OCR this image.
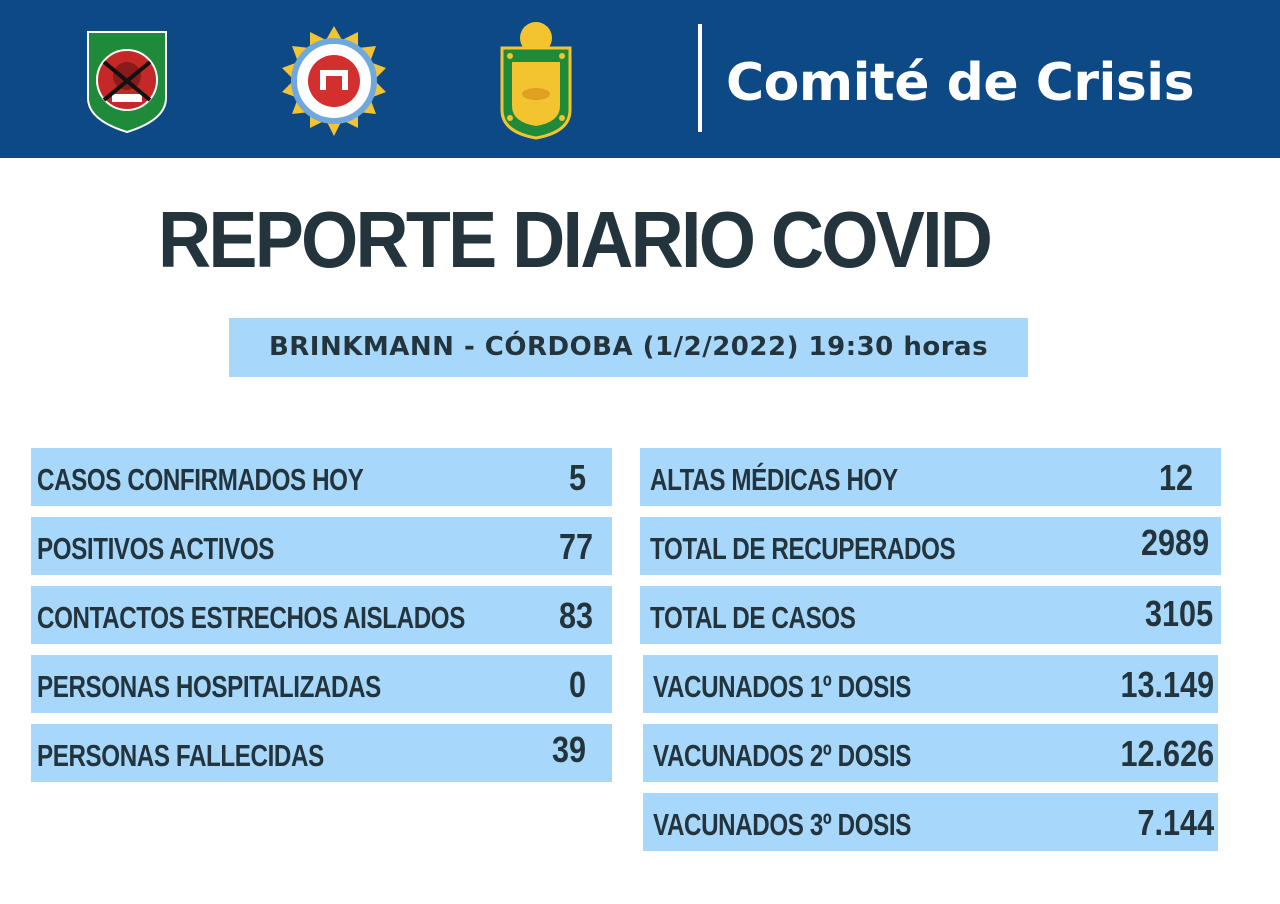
Comité de Crisis
REPORTE DIARIO COVID
BRINKMANN - CÓRDOBA (1/2/2022) 19:30 horas
CASOS CONFIRMADOS HOY	5
POSITIVOS ACTIVOS	77
CONTACTOS ESTRECHOS AISLADOS	83
PERSONAS HOSPITALIZADAS	0
PERSONAS FALLECIDAS	39
ALTAS MÉDICAS HOY	12
TOTAL DE RECUPERADOS	2989
TOTAL DE CASOS	3105
VACUNADOS 1º DOSIS	13.149
VACUNADOS 2º DOSIS	12.626
VACUNADOS 3º DOSIS	7.144
